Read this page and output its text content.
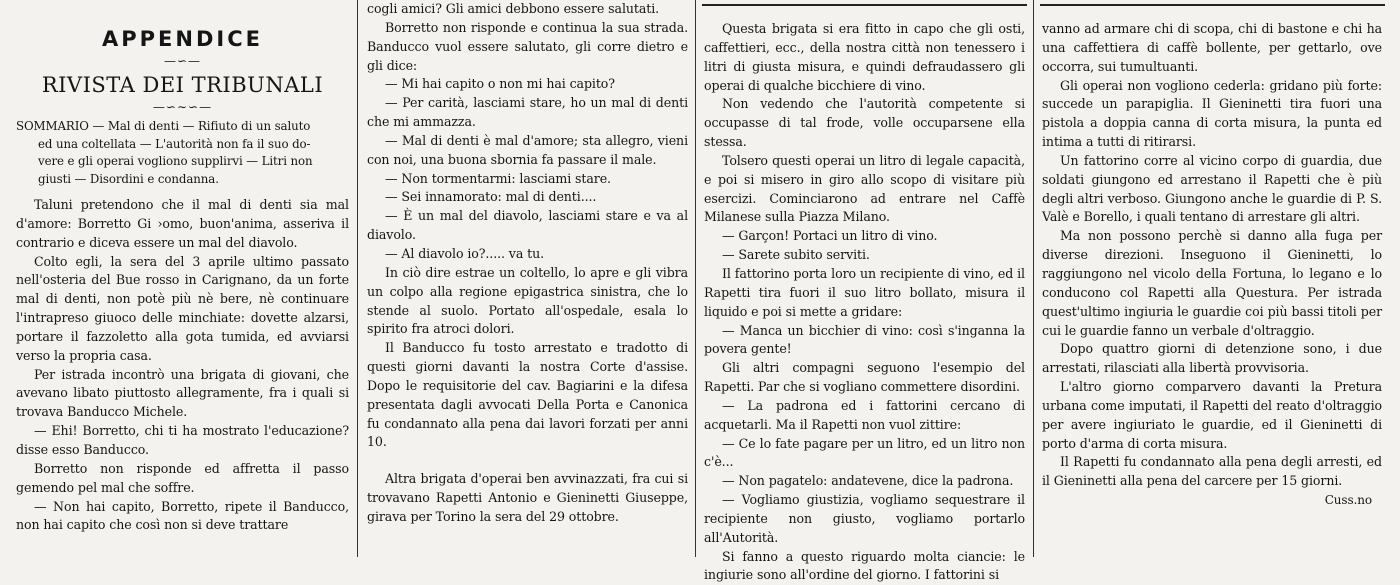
APPENDICE
—∽—
RIVISTA DEI TRIBUNALI
—∽∼∽—

SOMMARIO — Mal di denti — Rifiuto di un saluto

ed una coltellata — L'autorità non fa il suo do-

vere e gli operai vogliono supplirvi — Litri non

giusti — Disordini e condanna.

Taluni pretendono che il mal di denti sia mal d'amore: Borretto Gi ›omo, buon'anima, asseriva il contrario e diceva essere un mal del diavolo.

Colto egli, la sera del 3 aprile ultimo passato nell'osteria del Bue rosso in Carignano, da un forte mal di denti, non potè più nè bere, nè continuare l'intrapreso giuoco delle minchiate: dovette alzarsi, portare il fazzoletto alla gota tumida, ed avviarsi verso la propria casa.

Per istrada incontrò una brigata di giovani, che avevano libato piuttosto allegramente, fra i quali si trovava Banducco Michele.

— Ehi! Borretto, chi ti ha mostrato l'educazione? disse esso Banducco.

Borretto non risponde ed affretta il passo gemendo pel mal che soffre.

— Non hai capito, Borretto, ripete il Banducco, non hai capito che così non si deve trattare

cogli amici? Gli amici debbono essere salutati.

Borretto non risponde e continua la sua strada. Banducco vuol essere salutato, gli corre dietro e gli dice:

— Mi hai capito o non mi hai capito?

— Per carità, lasciami stare, ho un mal di denti che mi ammazza.

— Mal di denti è mal d'amore; sta allegro, vieni con noi, una buona sbornia fa passare il male.

— Non tormentarmi: lasciami stare.

— Sei innamorato: mal di denti....

— È un mal del diavolo, lasciami stare e va al diavolo.

— Al diavolo io?..... va tu.

In ciò dire estrae un coltello, lo apre e gli vibra un colpo alla regione epigastrica sinistra, che lo stende al suolo. Portato all'ospedale, esala lo spirito fra atroci dolori.

Il Banducco fu tosto arrestato e tradotto di questi giorni davanti la nostra Corte d'assise. Dopo le requisitorie del cav. Bagiarini e la difesa presentata dagli avvocati Della Porta e Canonica fu condannato alla pena dai lavori forzati per anni 10.

Altra brigata d'operai ben avvinazzati, fra cui si trovavano Rapetti Antonio e Gieninetti Giuseppe, girava per Torino la sera del 29 ottobre.

Questa brigata si era fitto in capo che gli osti, caffettieri, ecc., della nostra città non tenessero i litri di giusta misura, e quindi defraudassero gli operai di qualche bicchiere di vino.

Non vedendo che l'autorità competente si occupasse di tal frode, volle occuparsene ella stessa.

Tolsero questi operai un litro di legale capacità, e poi si misero in giro allo scopo di visitare più esercizi. Cominciarono ad entrare nel Caffè Milanese sulla Piazza Milano.

— Garçon! Portaci un litro di vino.

— Sarete subito serviti.

Il fattorino porta loro un recipiente di vino, ed il Rapetti tira fuori il suo litro bollato, misura il liquido e poi si mette a gridare:

— Manca un bicchier di vino: così s'inganna la povera gente!

Gli altri compagni seguono l'esempio del Rapetti. Par che si vogliano commettere disordini.

— La padrona ed i fattorini cercano di acquetarli. Ma il Rapetti non vuol zittire:

— Ce lo fate pagare per un litro, ed un litro non c'è...

— Non pagatelo: andatevene, dice la padrona.

— Vogliamo giustizia, vogliamo sequestrare il recipiente non giusto, vogliamo portarlo all'Autorità.

Si fanno a questo riguardo molta ciancie: le ingiurie sono all'ordine del giorno. I fattorini si

vanno ad armare chi di scopa, chi di bastone e chi ha una caffettiera di caffè bollente, per gettarlo, ove occorra, sui tumultuanti.

Gli operai non vogliono cederla: gridano più forte: succede un parapiglia. Il Gieninetti tira fuori una pistola a doppia canna di corta misura, la punta ed intima a tutti di ritirarsi.

Un fattorino corre al vicino corpo di guardia, due soldati giungono ed arrestano il Rapetti che è più degli altri verboso. Giungono anche le guardie di P. S. Valè e Borello, i quali tentano di arrestare gli altri.

Ma non possono perchè si danno alla fuga per diverse direzioni. Inseguono il Gieninetti, lo raggiungono nel vicolo della Fortuna, lo legano e lo conducono col Rapetti alla Questura. Per istrada quest'ultimo ingiuria le guardie coi più bassi titoli per cui le guardie fanno un verbale d'oltraggio.

Dopo quattro giorni di detenzione sono, i due arrestati, rilasciati alla libertà provvisoria.

L'altro giorno comparvero davanti la Pretura urbana come imputati, il Rapetti del reato d'oltraggio per avere ingiuriato le guardie, ed il Gieninetti di porto d'arma di corta misura.

Il Rapetti fu condannato alla pena degli arresti, ed il Gieninetti alla pena del carcere per 15 giorni.

Cuss.no
